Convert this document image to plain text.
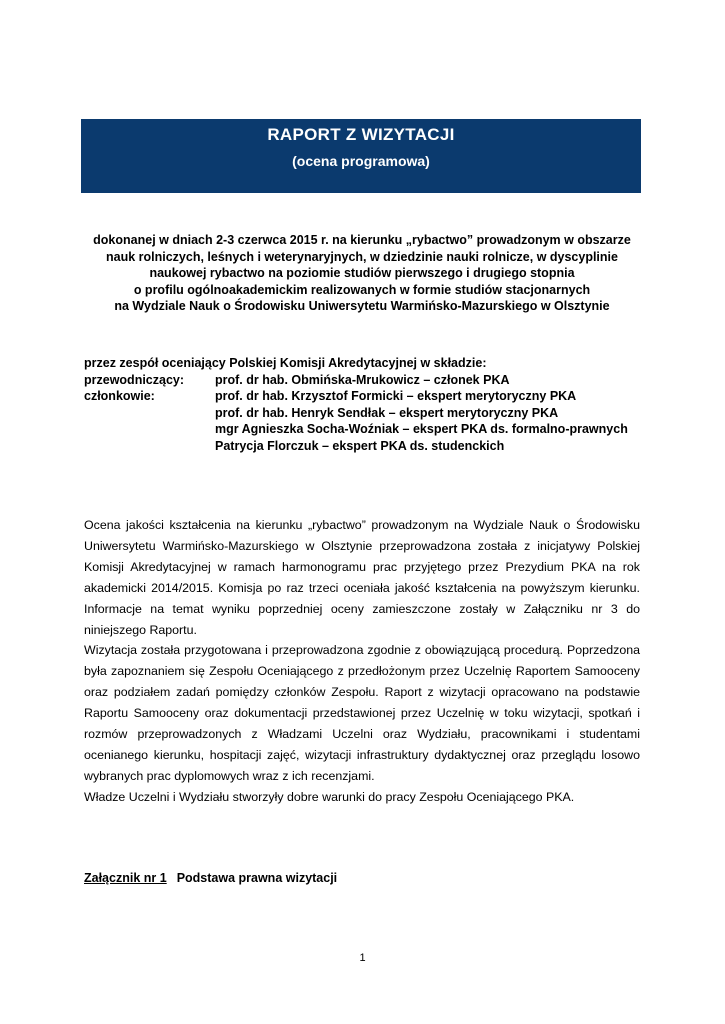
RAPORT Z WIZYTACJI
(ocena programowa)
dokonanej w dniach 2-3 czerwca 2015 r. na kierunku „rybactwo” prowadzonym w obszarze
nauk rolniczych, leśnych i weterynaryjnych, w dziedzinie nauki rolnicze, w dyscyplinie
naukowej rybactwo na poziomie studiów pierwszego i drugiego stopnia
o profilu ogólnoakademickim realizowanych w formie studiów stacjonarnych
na Wydziale Nauk o Środowisku Uniwersytetu Warmińsko-Mazurskiego w Olsztynie
przez zespół oceniający Polskiej Komisji Akredytacyjnej w składzie:
przewodniczący:	prof. dr hab. Obmińska-Mrukowicz – członek PKA
członkowie:	prof. dr hab. Krzysztof Formicki – ekspert merytoryczny PKA
prof. dr hab. Henryk Sendłak – ekspert merytoryczny PKA
mgr Agnieszka Socha-Woźniak – ekspert PKA ds. formalno-prawnych
Patrycja Florczuk – ekspert PKA ds. studenckich

Ocena jakości kształcenia na kierunku „rybactwo” prowadzonym na Wydziale Nauk o Środowisku Uniwersytetu Warmińsko-Mazurskiego w Olsztynie przeprowadzona została z inicjatywy Polskiej Komisji Akredytacyjnej w ramach harmonogramu prac przyjętego przez Prezydium PKA na rok akademicki 2014/2015. Komisja po raz trzeci oceniała jakość kształcenia na powyższym kierunku. Informacje na temat wyniku poprzedniej oceny zamieszczone zostały w Załączniku nr 3 do niniejszego Raportu.

Wizytacja została przygotowana i przeprowadzona zgodnie z obowiązującą procedurą. Poprzedzona była zapoznaniem się Zespołu Oceniającego z przedłożonym przez Uczelnię Raportem Samooceny oraz podziałem zadań pomiędzy członków Zespołu. Raport z wizytacji opracowano na podstawie Raportu Samooceny oraz dokumentacji przedstawionej przez Uczelnię w toku wizytacji, spotkań i rozmów przeprowadzonych z Władzami Uczelni oraz Wydziału, pracownikami i studentami ocenianego kierunku, hospitacji zajęć, wizytacji infrastruktury dydaktycznej oraz przeglądu losowo wybranych prac dyplomowych wraz z ich recenzjami.

Władze Uczelni i Wydziału stworzyły dobre warunki do pracy Zespołu Oceniającego PKA.

Załącznik nr 1 Podstawa prawna wizytacji
1
